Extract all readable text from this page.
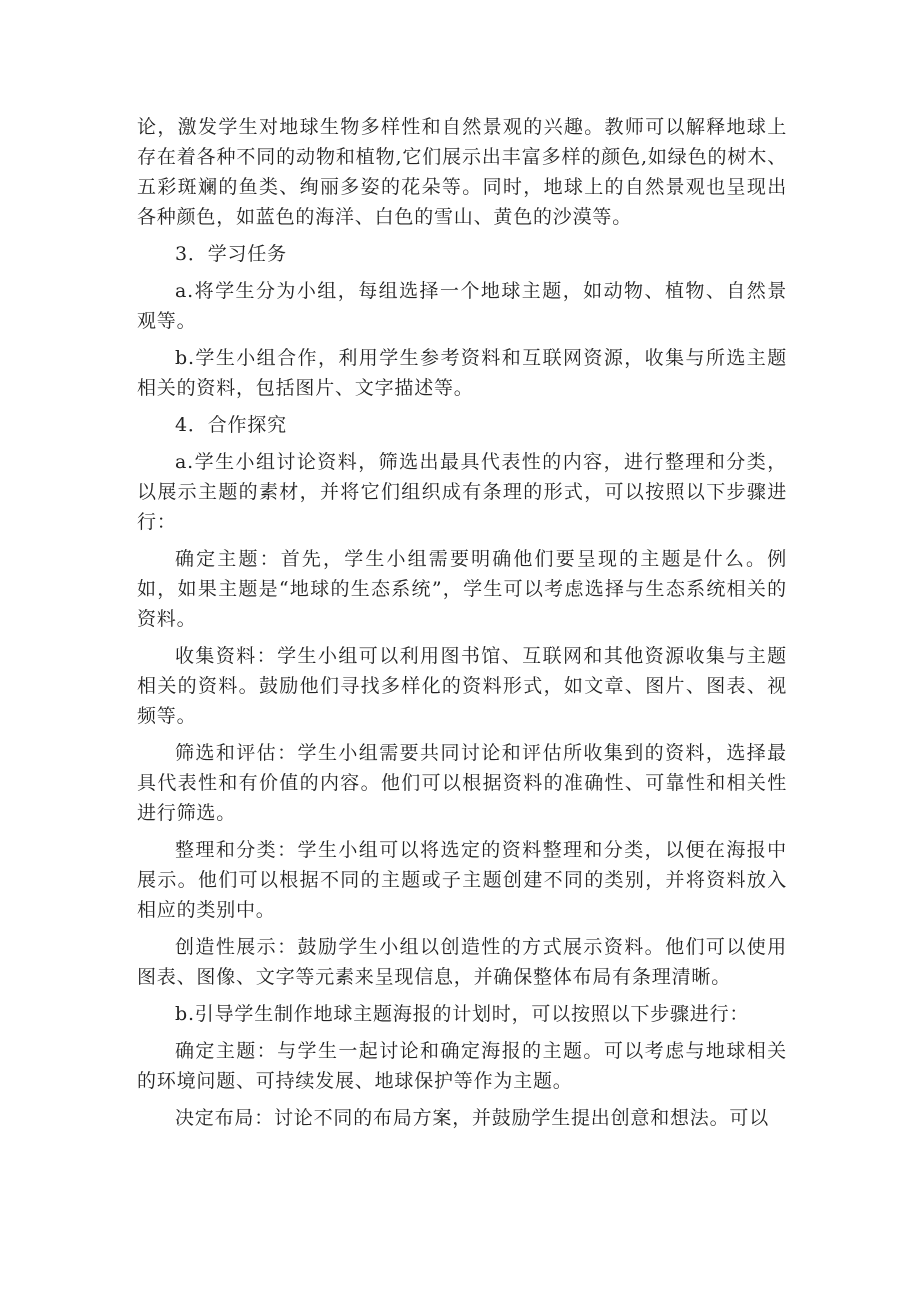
论，激发学生对地球生物多样性和自然景观的兴趣。教师可以解释地球上存在着各种不同的动物和植物,它们展示出丰富多样的颜色,如绿色的树木、五彩斑斓的鱼类、绚丽多姿的花朵等。同时，地球上的自然景观也呈现出各种颜色，如蓝色的海洋、白色的雪山、黄色的沙漠等。

3．学习任务

a.将学生分为小组，每组选择一个地球主题，如动物、植物、自然景观等。

b.学生小组合作，利用学生参考资料和互联网资源，收集与所选主题相关的资料，包括图片、文字描述等。

4．合作探究

a.学生小组讨论资料，筛选出最具代表性的内容，进行整理和分类，以展示主题的素材，并将它们组织成有条理的形式，可以按照以下步骤进行：

确定主题：首先，学生小组需要明确他们要呈现的主题是什么。例如，如果主题是“地球的生态系统”，学生可以考虑选择与生态系统相关的资料。

收集资料：学生小组可以利用图书馆、互联网和其他资源收集与主题相关的资料。鼓励他们寻找多样化的资料形式，如文章、图片、图表、视频等。

筛选和评估：学生小组需要共同讨论和评估所收集到的资料，选择最具代表性和有价值的内容。他们可以根据资料的准确性、可靠性和相关性进行筛选。

整理和分类：学生小组可以将选定的资料整理和分类，以便在海报中展示。他们可以根据不同的主题或子主题创建不同的类别，并将资料放入相应的类别中。

创造性展示：鼓励学生小组以创造性的方式展示资料。他们可以使用图表、图像、文字等元素来呈现信息，并确保整体布局有条理清晰。

b.引导学生制作地球主题海报的计划时，可以按照以下步骤进行：

确定主题：与学生一起讨论和确定海报的主题。可以考虑与地球相关的环境问题、可持续发展、地球保护等作为主题。

决定布局：讨论不同的布局方案，并鼓励学生提出创意和想法。可以
